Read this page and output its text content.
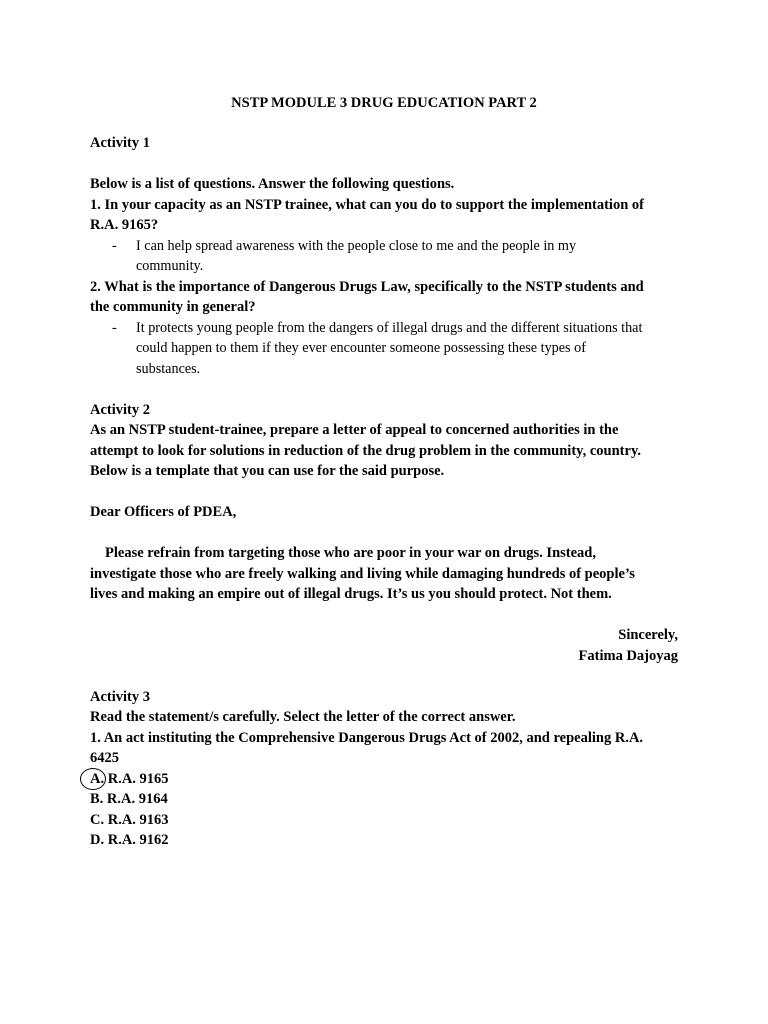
NSTP MODULE 3 DRUG EDUCATION PART 2
Activity 1
Below is a list of questions. Answer the following questions.
1. In your capacity as an NSTP trainee, what can you do to support the implementation of
R.A. 9165?
- I can help spread awareness with the people close to me and the people in my
community.
2. What is the importance of Dangerous Drugs Law, specifically to the NSTP students and
the community in general?
- It protects young people from the dangers of illegal drugs and the different situations that
could happen to them if they ever encounter someone possessing these types of
substances.
Activity 2
As an NSTP student-trainee, prepare a letter of appeal to concerned authorities in the
attempt to look for solutions in reduction of the drug problem in the community, country.
Below is a template that you can use for the said purpose.
Dear Officers of PDEA,
Please refrain from targeting those who are poor in your war on drugs. Instead,
investigate those who are freely walking and living while damaging hundreds of people’s
lives and making an empire out of illegal drugs. It’s us you should protect. Not them.
Sincerely,
Fatima Dajoyag
Activity 3
Read the statement/s carefully. Select the letter of the correct answer.
1. An act instituting the Comprehensive Dangerous Drugs Act of 2002, and repealing R.A.
6425
A. R.A. 9165
B. R.A. 9164
C. R.A. 9163
D. R.A. 9162
